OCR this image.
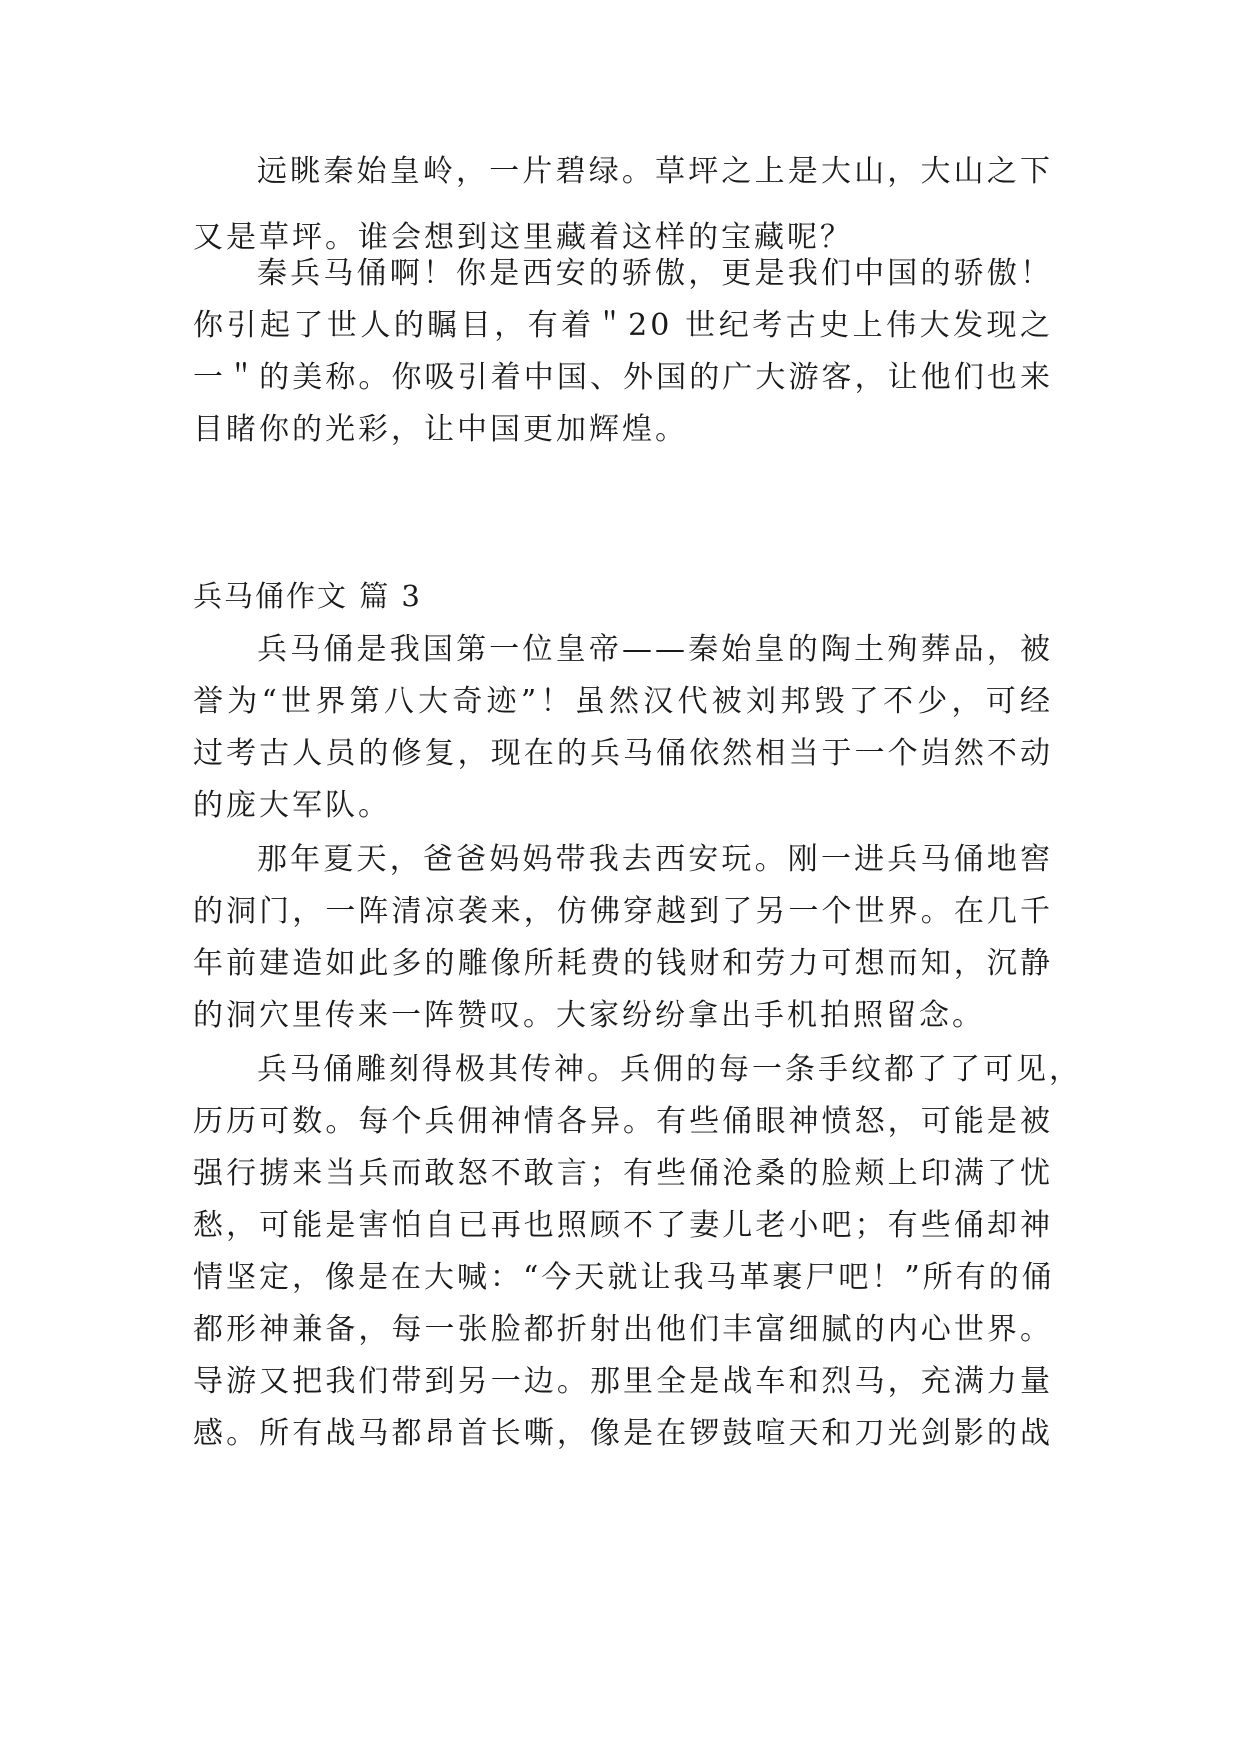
远眺秦始皇岭，一片碧绿。草坪之上是大山，大山之下
又是草坪。谁会想到这里藏着这样的宝藏呢？
秦兵马俑啊！你是西安的骄傲，更是我们中国的骄傲！
你引起了世人的瞩目，有着＂20 世纪考古史上伟大发现之
一＂的美称。你吸引着中国、外国的广大游客，让他们也来
目睹你的光彩，让中国更加辉煌。
兵马俑作文 篇 3
兵马俑是我国第一位皇帝——秦始皇的陶土殉葬品，被
誉为“世界第八大奇迹”！虽然汉代被刘邦毁了不少，可经
过考古人员的修复，现在的兵马俑依然相当于一个岿然不动
的庞大军队。
那年夏天，爸爸妈妈带我去西安玩。刚一进兵马俑地窖
的洞门，一阵清凉袭来，仿佛穿越到了另一个世界。在几千
年前建造如此多的雕像所耗费的钱财和劳力可想而知，沉静
的洞穴里传来一阵赞叹。大家纷纷拿出手机拍照留念。
兵马俑雕刻得极其传神。兵佣的每一条手纹都了了可见，
历历可数。每个兵佣神情各异。有些俑眼神愤怒，可能是被
强行掳来当兵而敢怒不敢言；有些俑沧桑的脸颊上印满了忧
愁，可能是害怕自已再也照顾不了妻儿老小吧；有些俑却神
情坚定，像是在大喊：“今天就让我马革裹尸吧！”所有的俑
都形神兼备，每一张脸都折射出他们丰富细腻的内心世界。
导游又把我们带到另一边。那里全是战车和烈马，充满力量
感。所有战马都昂首长嘶，像是在锣鼓喧天和刀光剑影的战
